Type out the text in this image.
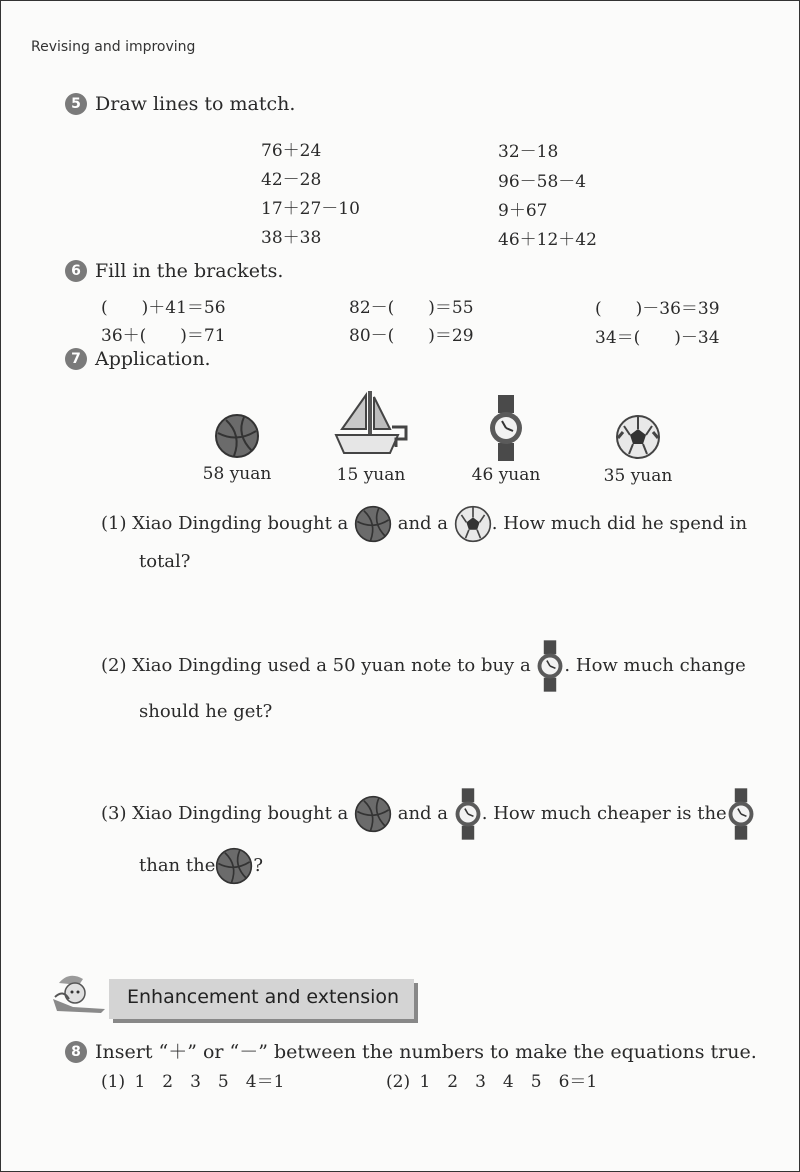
Revising and improving
5 Draw lines to match.
76＋24
42－28
17＋27－10
38＋38
32－18
96－58－4
9＋67
46＋12＋42
6 Fill in the brackets.
(　　)＋41＝56	82－(　　)＝55	(　　)－36＝39
36＋(　　)＝71	80－(　　)＝29	34＝(　　)－34
7 Application.
58 yuan	15 yuan	46 yuan	35 yuan
(1) Xiao Dingding bought a	and a . How much did he spend in
total?
(2) Xiao Dingding used a 50 yuan note to buy a . How much change
should he get?
(3) Xiao Dingding bought a	and a . How much cheaper is the
than the ?
Enhancement and extension
8 Insert “＋” or “－” between the numbers to make the equations true.
(1) 1　2　3　5　4＝1	(2) 1　2　3　4　5　6＝1
